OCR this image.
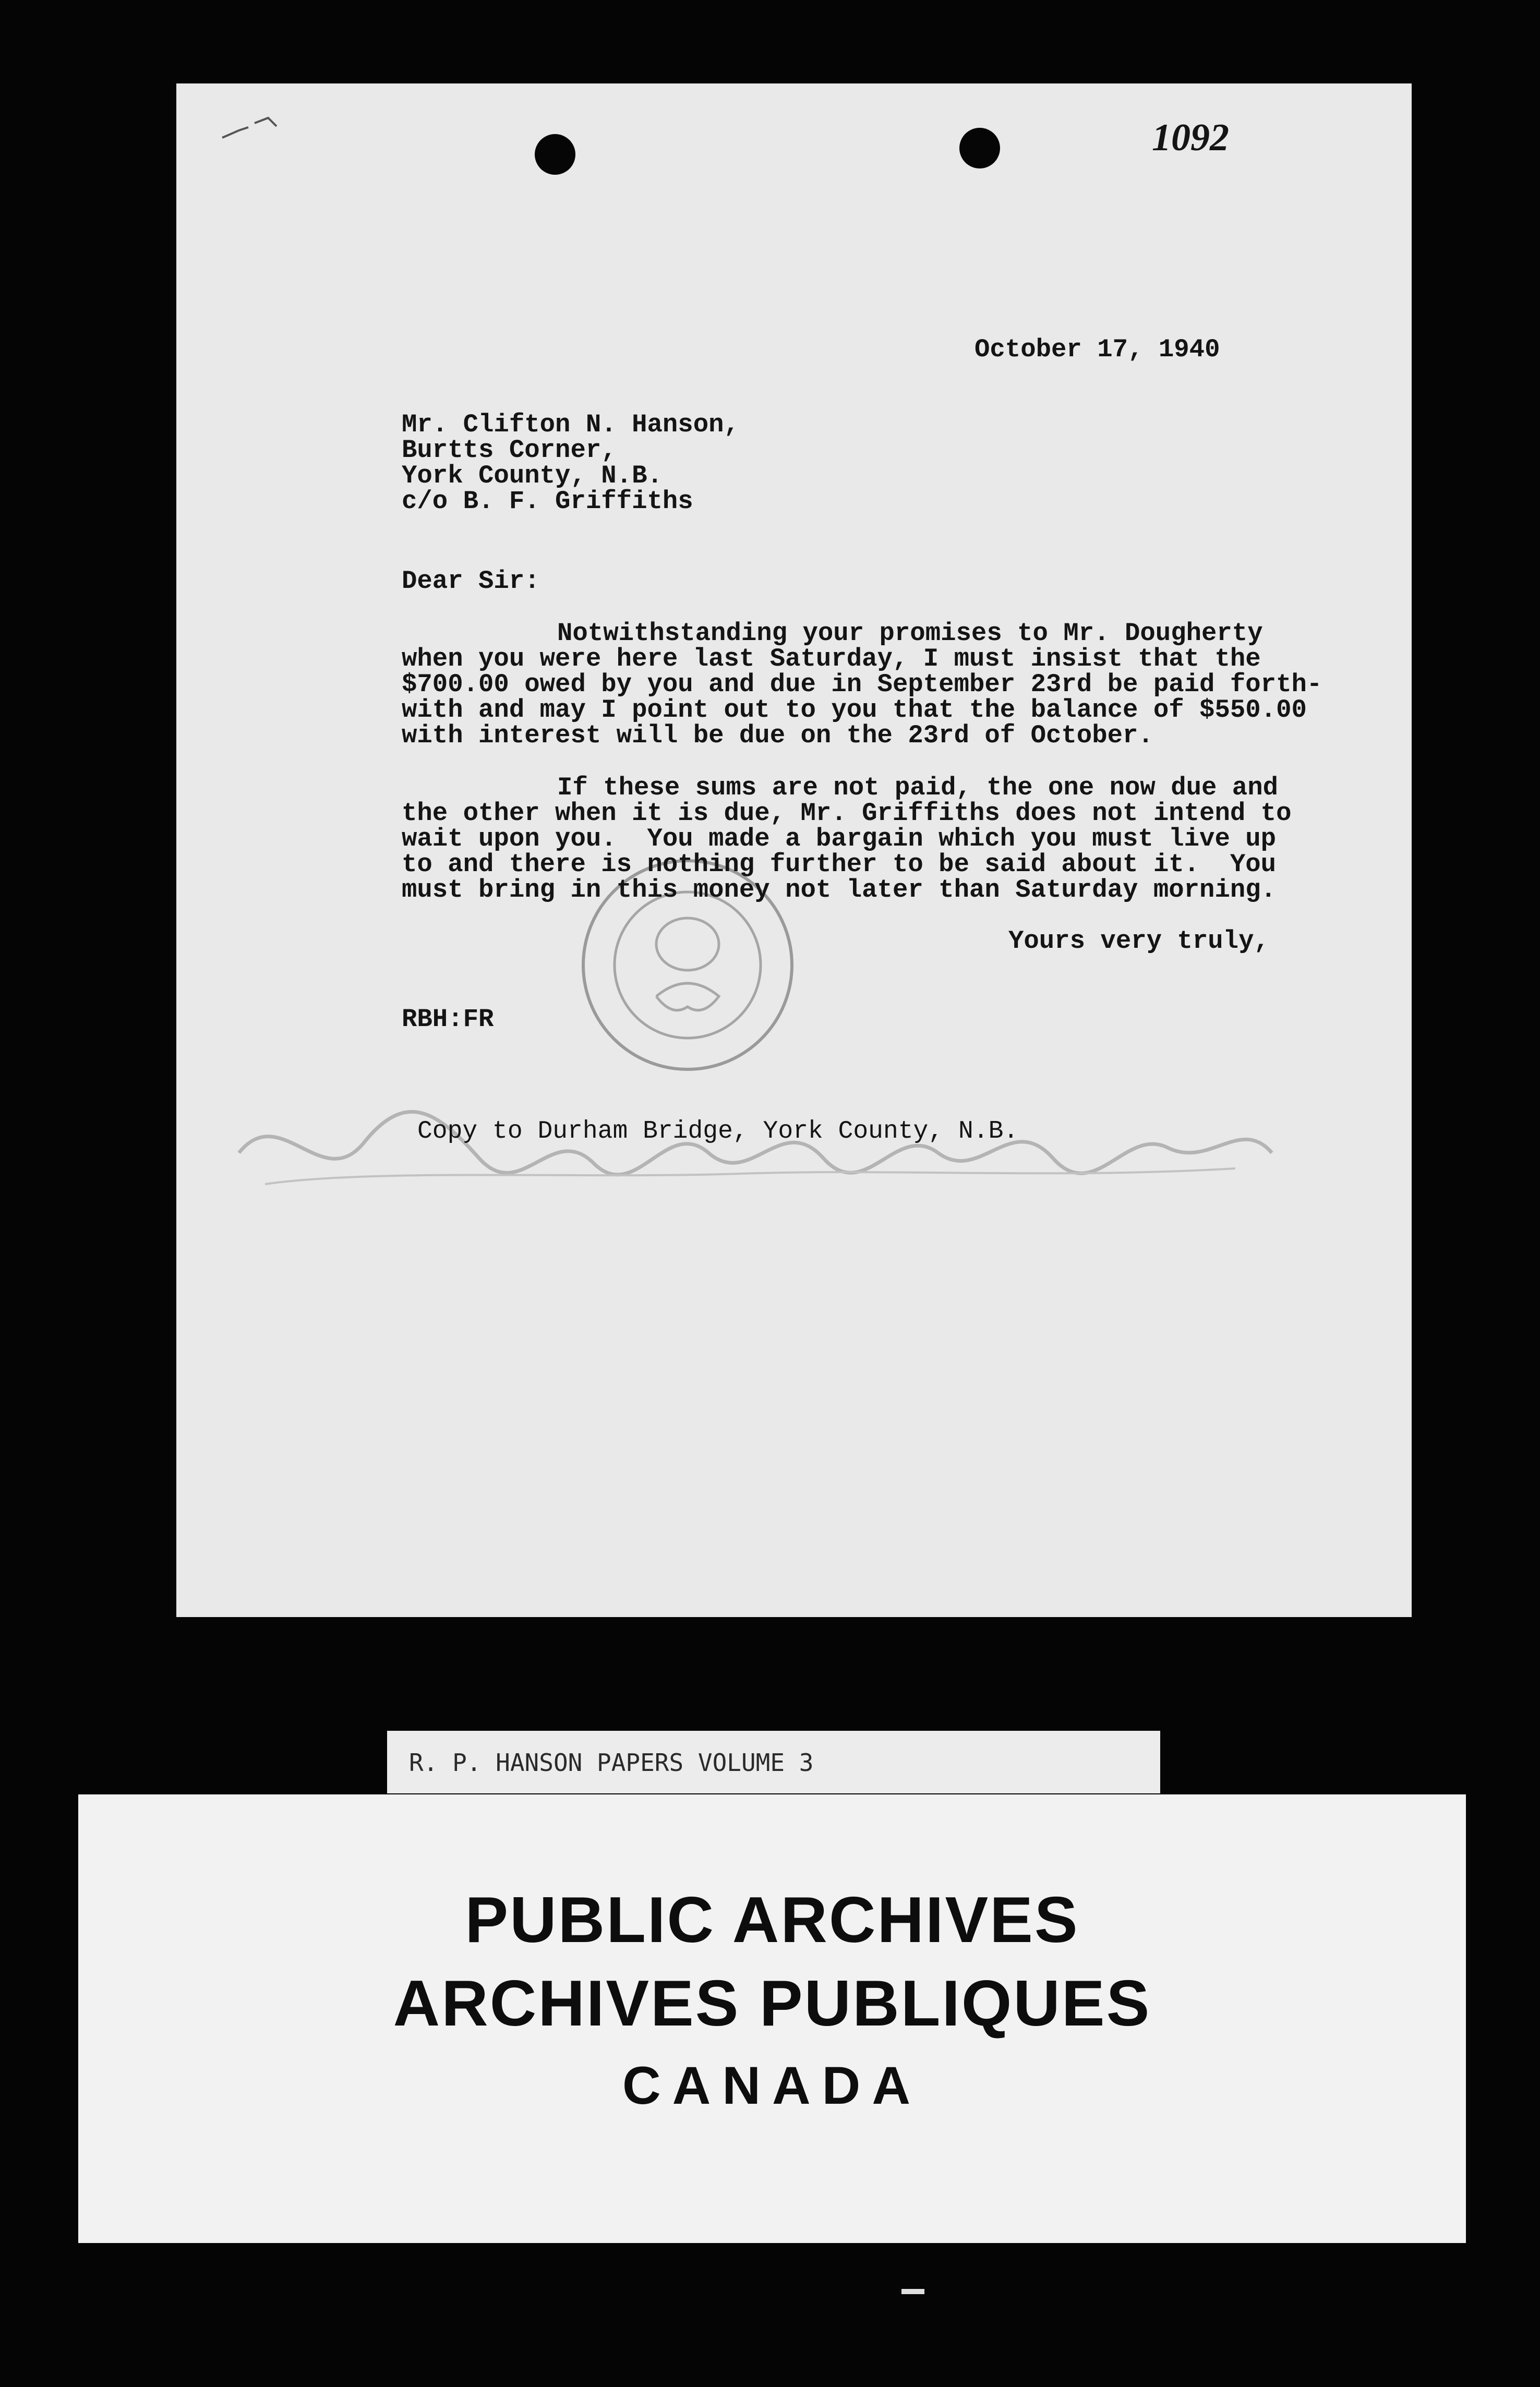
1092
October 17, 1940
Mr. Clifton N. Hanson,
Burtts Corner,
York County, N.B.
c/o B. F. Griffiths
Dear Sir:
Notwithstanding your promises to Mr. Dougherty
when you were here last Saturday, I must insist that the
$700.00 owed by you and due in September 23rd be paid forth-
with and may I point out to you that the balance of $550.00
with interest will be due on the 23rd of October.
If these sums are not paid, the one now due and
the other when it is due, Mr. Griffiths does not intend to
wait upon you.  You made a bargain which you must live up
to and there is nothing further to be said about it.  You
must bring in this money not later than Saturday morning.
Yours very truly,
RBH:FR
Copy to Durham Bridge, York County, N.B.
R. P. HANSON PAPERS VOLUME 3
PUBLIC ARCHIVES
ARCHIVES PUBLIQUES
CANADA
